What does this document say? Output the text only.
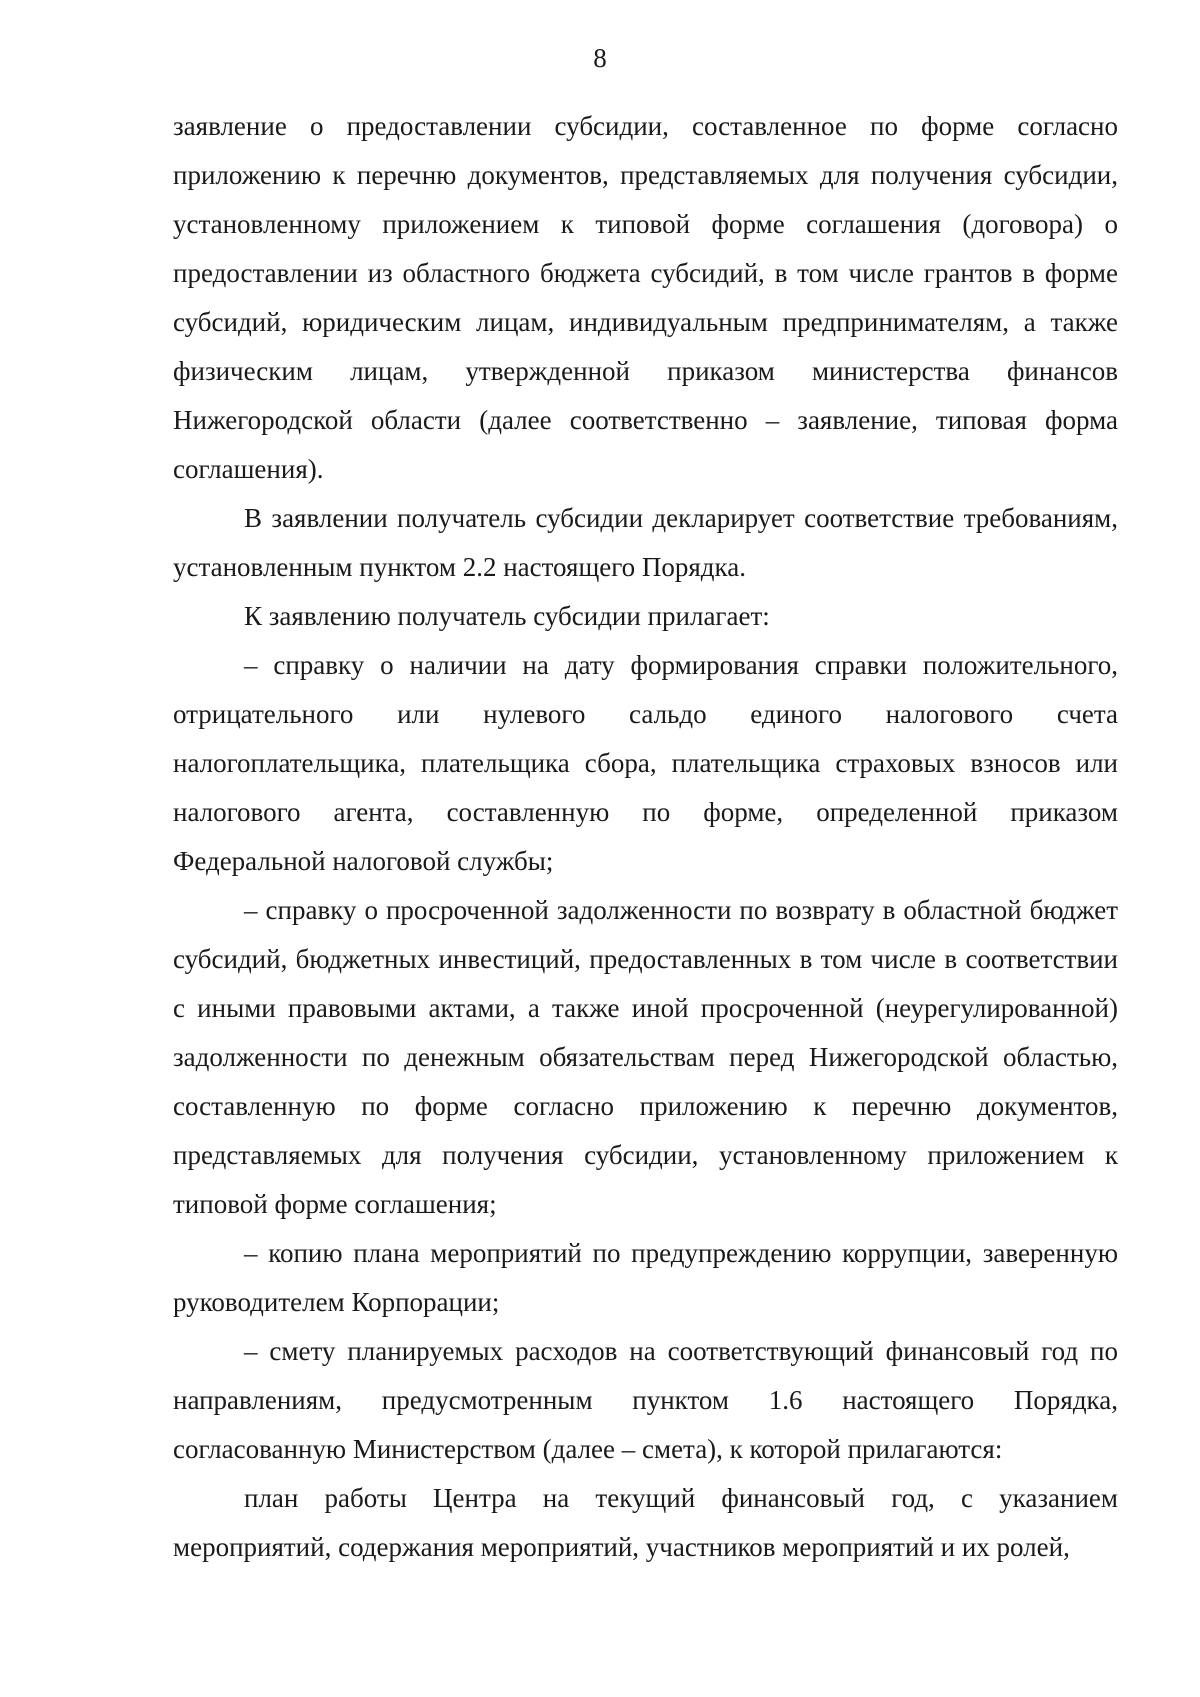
8

заявление о предоставлении субсидии, составленное по форме согласно приложению к перечню документов, представляемых для получения субсидии, установленному приложением к типовой форме соглашения (договора) о предоставлении из областного бюджета субсидий, в том числе грантов в форме субсидий, юридическим лицам, индивидуальным предпринимателям, а также физическим лицам, утвержденной приказом министерства финансов Нижегородской области (далее соответственно – заявление, типовая форма соглашения).

В заявлении получатель субсидии декларирует соответствие требованиям, установленным пунктом 2.2 настоящего Порядка.

К заявлению получатель субсидии прилагает:

– справку о наличии на дату формирования справки положительного, отрицательного или нулевого сальдо единого налогового счета налогоплательщика, плательщика сбора, плательщика страховых взносов или налогового агента, составленную по форме, определенной приказом Федеральной налоговой службы;

– справку о просроченной задолженности по возврату в областной бюджет субсидий, бюджетных инвестиций, предоставленных в том числе в соответствии с иными правовыми актами, а также иной просроченной (неурегулированной) задолженности по денежным обязательствам перед Нижегородской областью, составленную по форме согласно приложению к перечню документов, представляемых для получения субсидии, установленному приложением к типовой форме соглашения;

– копию плана мероприятий по предупреждению коррупции, заверенную руководителем Корпорации;

– смету планируемых расходов на соответствующий финансовый год по направлениям, предусмотренным пунктом 1.6 настоящего Порядка, согласованную Министерством (далее – смета), к которой прилагаются:

план работы Центра на текущий финансовый год, с указанием мероприятий, содержания мероприятий, участников мероприятий и их ролей,
